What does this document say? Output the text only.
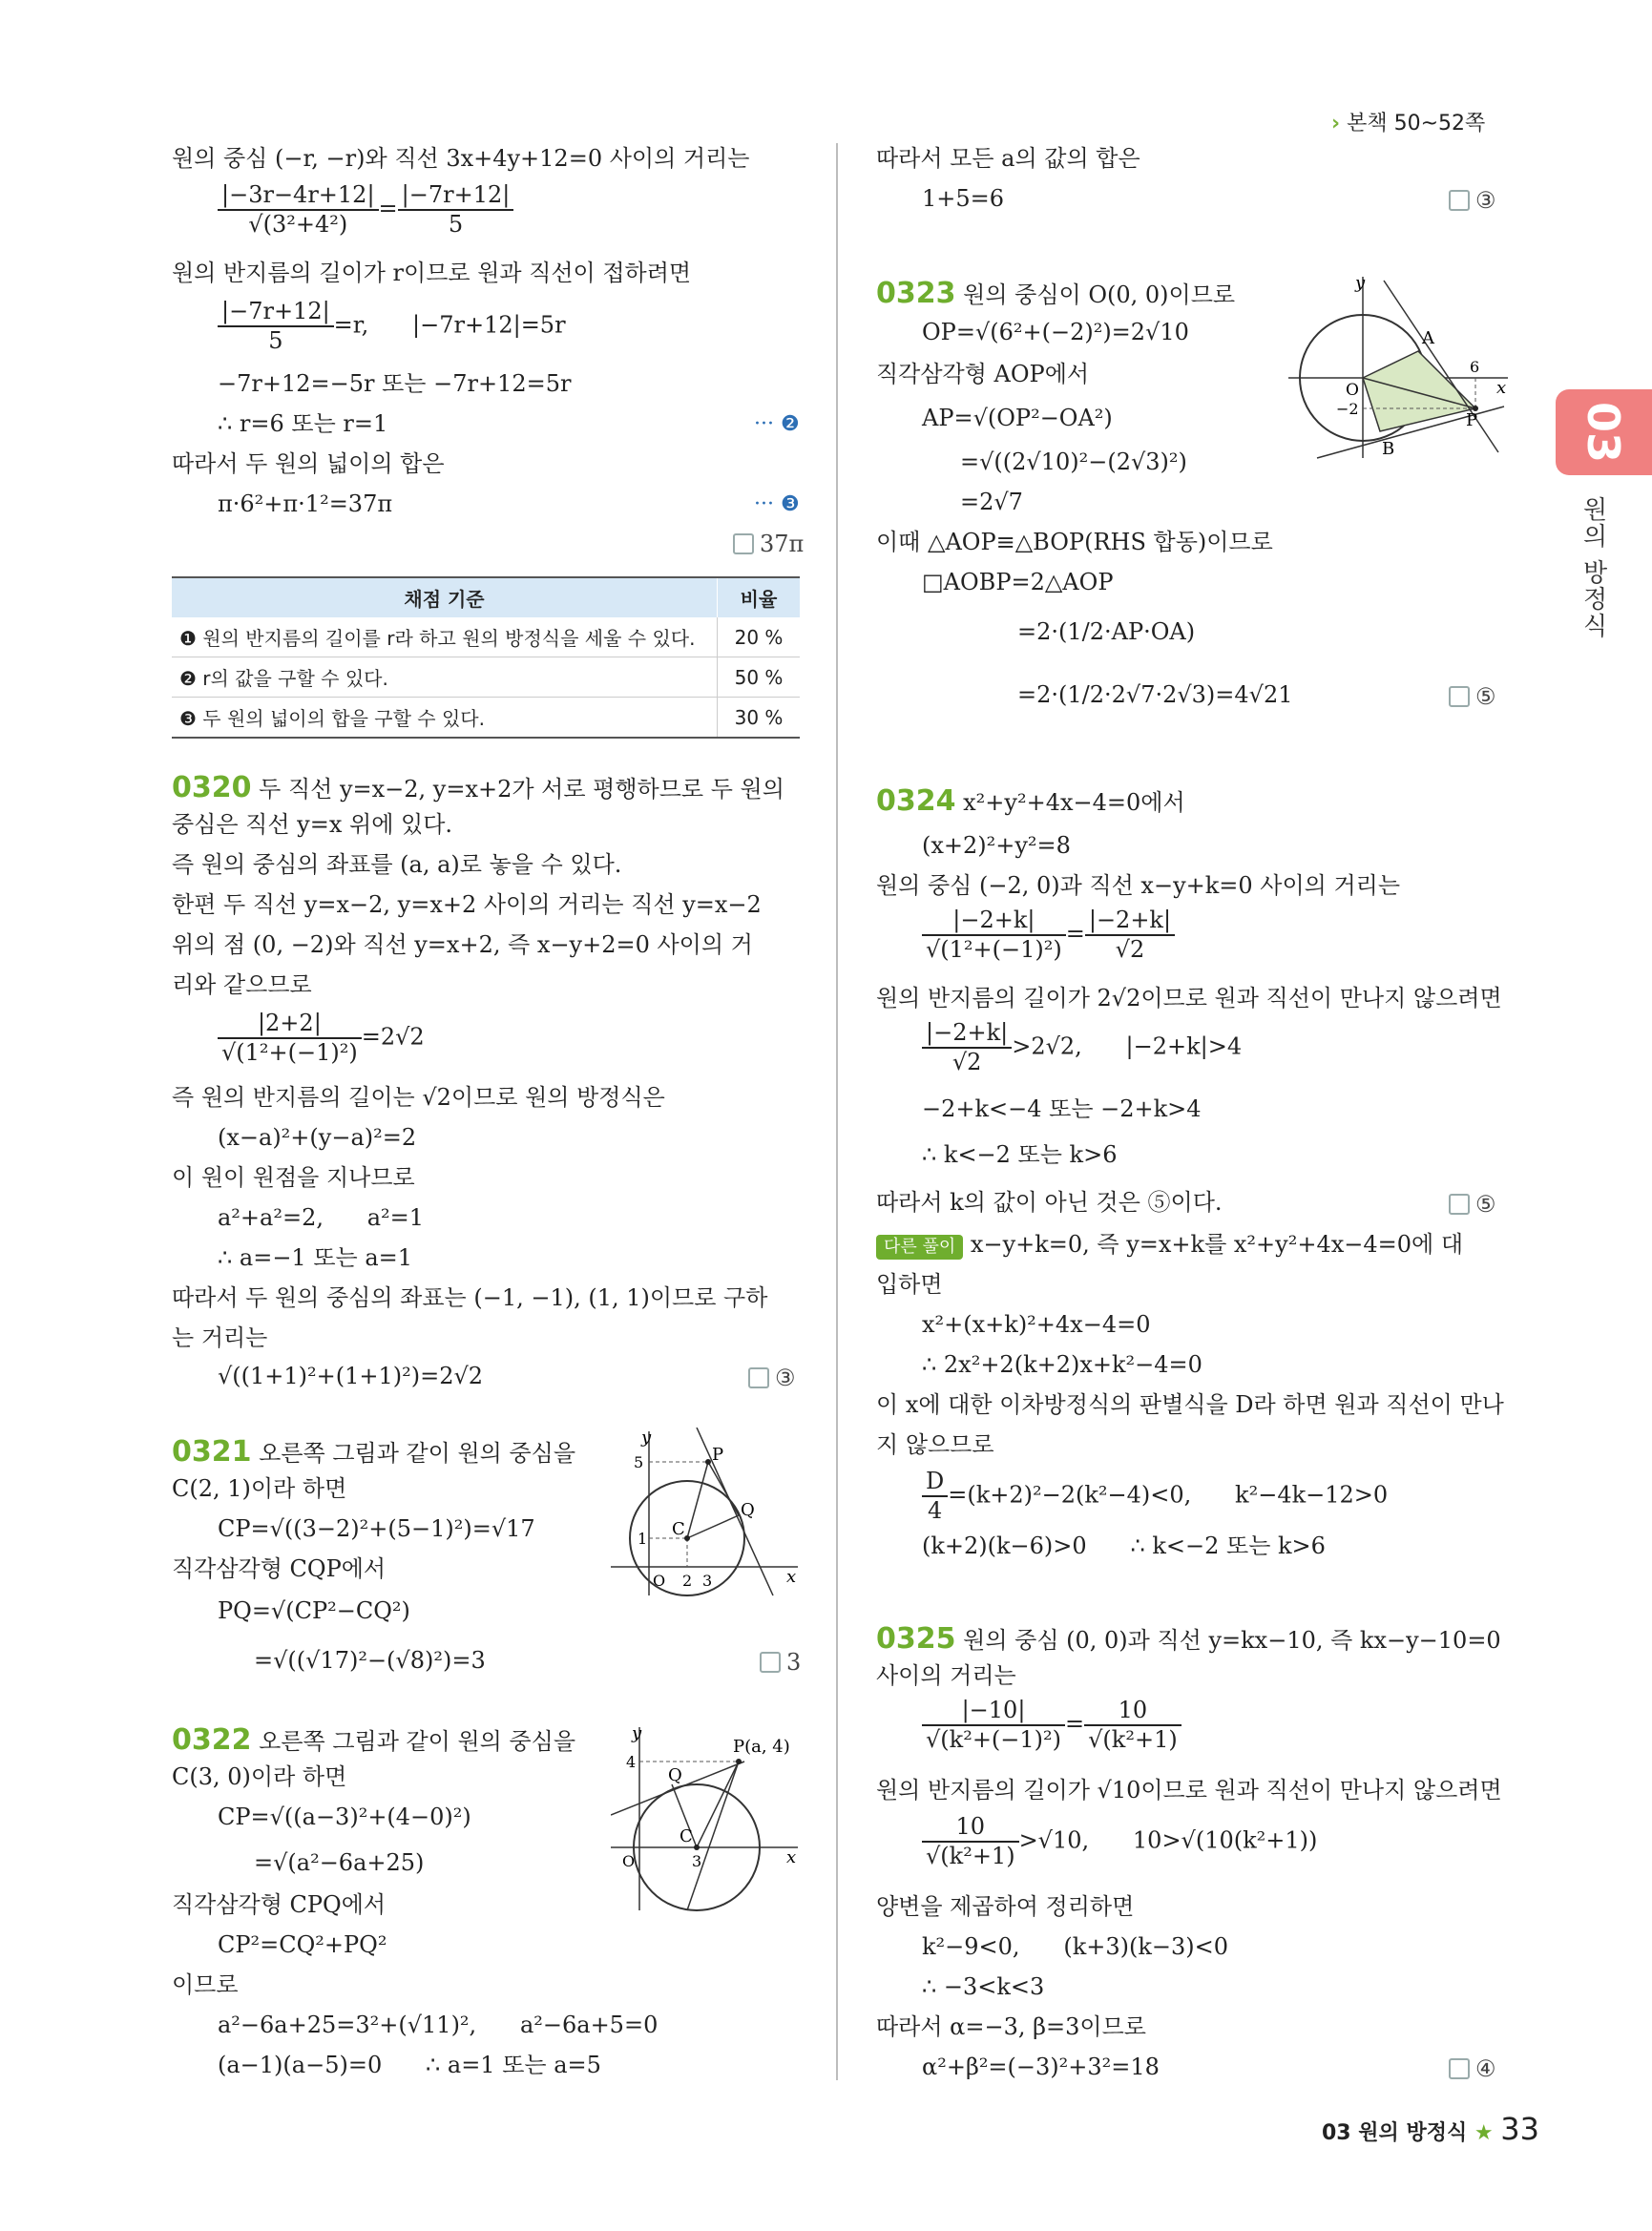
› 본책 50~52쪽
03
원의 방정식
원의 중심 (−r, −r)와 직선 3x+4y+12=0 사이의 거리는
$\frac{|-3r-4r+12|}{\text{√(3²+4²)}} = \frac{|-7r+12|}{5}$
원의 반지름의 길이가 r이므로 원과 직선이 접하려면
$\frac{|-7r+12|}{5} =r$,      |−7r+12|=5r
−7r+12=−5r 또는 −7r+12=5r
∴ r=6 또는 r=1	··· ❷
따라서 두 원의 넓이의 합은
π·6²+π·1²=37π	··· ❸
37π
채점 기준	비율
❶ 원의 반지름의 길이를 r라 하고 원의 방정식을 세울 수 있다.	20 %
❷ r의 값을 구할 수 있다.	50 %
❸ 두 원의 넓이의 합을 구할 수 있다.	30 %
0320 두 직선 y=x−2, y=x+2가 서로 평행하므로 두 원의
중심은 직선 y=x 위에 있다.
즉 원의 중심의 좌표를 (a, a)로 놓을 수 있다.
한편 두 직선 y=x−2, y=x+2 사이의 거리는 직선 y=x−2
위의 점 (0, −2)와 직선 y=x+2, 즉 x−y+2=0 사이의 거
리와 같으므로
$\frac{|2+2|}{\text{√(1²+(−1)²)}} =2√2$
즉 원의 반지름의 길이는 √2이므로 원의 방정식은
(x−a)²+(y−a)²=2
이 원이 원점을 지나므로
a²+a²=2,      a²=1
∴ a=−1 또는 a=1
따라서 두 원의 중심의 좌표는 (−1, −1), (1, 1)이므로 구하
는 거리는
√((1+1)²+(1+1)²)=2√2	③
0321 오른쪽 그림과 같이 원의 중심을
C(2, 1)이라 하면
CP=√((3−2)²+(5−1)²)=√17
직각삼각형 CQP에서
PQ=√(CP²−CQ²)
=√((√17)²−(√8)²)=3	3
y
x
P
Q
C
5
1
O 2 3
0322 오른쪽 그림과 같이 원의 중심을
C(3, 0)이라 하면
CP=√((a−3)²+(4−0)²)
=√(a²−6a+25)
직각삼각형 CPQ에서
CP²=CQ²+PQ²
이므로
a²−6a+25=3²+(√11)²,      a²−6a+5=0
(a−1)(a−5)=0      ∴ a=1 또는 a=5
y
x
P(a, 4)
Q
C
4
O	3
따라서 모든 a의 값의 합은
1+5=6	③
0323 원의 중심이 O(0, 0)이므로
OP=√(6²+(−2)²)=2√10
직각삼각형 AOP에서
AP=√(OP²−OA²)
=√((2√10)²−(2√3)²)
=2√7
이때 △AOP≡△BOP(RHS 합동)이므로
□AOBP=2△AOP
=2·(1/2·AP·OA)
=2·(1/2·2√7·2√3)=4√21	⑤
y
x
A
B
O
P
6
−2
0324 x²+y²+4x−4=0에서
(x+2)²+y²=8
원의 중심 (−2, 0)과 직선 x−y+k=0 사이의 거리는
$\frac{|-2+k|}{\text{√(1²+(−1)²)}} = \frac{|-2+k|}{√2}$
원의 반지름의 길이가 2√2이므로 원과 직선이 만나지 않으려면
$\frac{|-2+k|}{√2} >2√2$,      |−2+k|>4
−2+k<−4 또는 −2+k>4
∴ k<−2 또는 k>6
따라서 k의 값이 아닌 것은 ⑤이다.	⑤
다른 풀이 x−y+k=0, 즉 y=x+k를 x²+y²+4x−4=0에 대
입하면
x²+(x+k)²+4x−4=0
∴ 2x²+2(k+2)x+k²−4=0
이 x에 대한 이차방정식의 판별식을 D라 하면 원과 직선이 만나
지 않으므로
$\frac{D}{4} =(k+2)^2-2(k^2-4)<0$,      k²−4k−12>0
(k+2)(k−6)>0      ∴ k<−2 또는 k>6
0325 원의 중심 (0, 0)과 직선 y=kx−10, 즉 kx−y−10=0
사이의 거리는
$\frac{|-10|}{\text{√(k²+(−1)²)}} = \frac{10}{\text{√(k²+1)}}$
원의 반지름의 길이가 √10이므로 원과 직선이 만나지 않으려면
$\frac{10}{\text{√(k²+1)}} >√10$,      10>√(10(k²+1))
양변을 제곱하여 정리하면
k²−9<0,      (k+3)(k−3)<0
∴ −3<k<3
따라서 α=−3, β=3이므로
α²+β²=(−3)²+3²=18	④
03 원의 방정식 ★ 33
